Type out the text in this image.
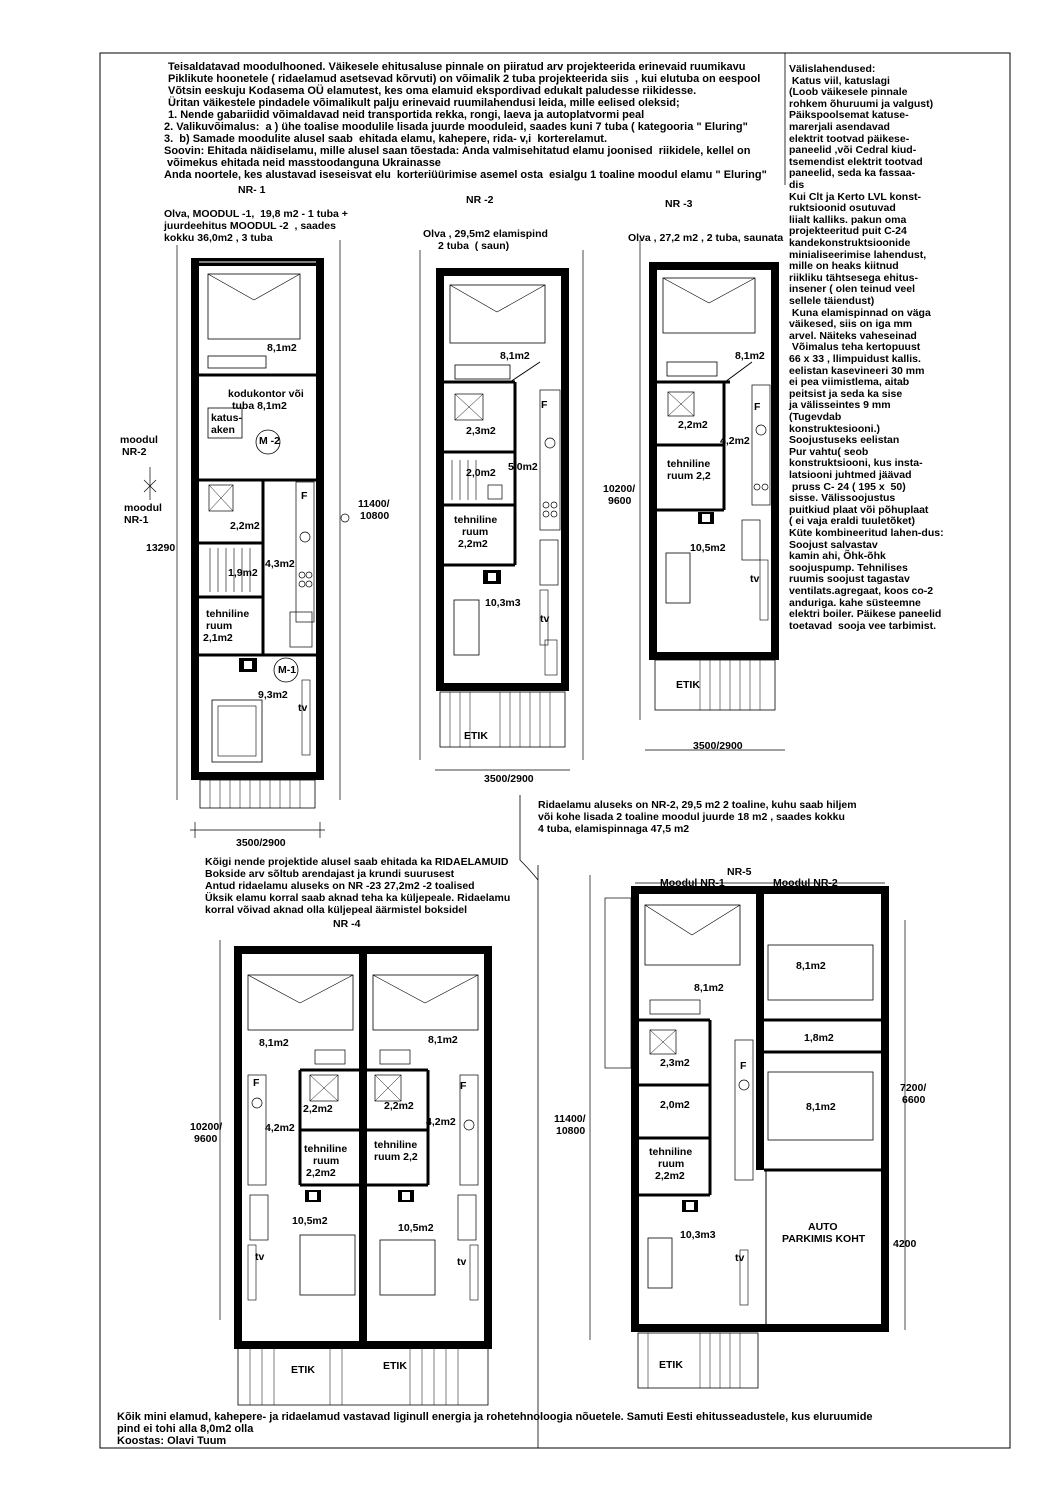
Teisaldatavad moodulhooned. Väikesele ehitusaluse pinnale on piiratud arv projekteerida erinevaid ruumikavu
Piklikute hoonetele ( ridaelamud asetsevad kõrvuti) on võimalik 2 tuba projekteerida siis  , kui elutuba on eespool
Võtsin eeskuju Kodasema OÜ elamutest, kes oma elamuid ekspordivad edukalt paludesse riikidesse.
Üritan väikestele pindadele võimalikult palju erinevaid ruumilahendusi leida, mille eelised oleksid;
1. Nende gabariidid võimaldavad neid transportida rekka, rongi, laeva ja autoplatvormi peal
2. Valikuvõimalus:  a ) ühe toalise moodulile lisada juurde mooduleid, saades kuni 7 tuba ( kategooria " Eluring"
3.  b) Samade moodulite alusel saab  ehitada elamu, kahepere, rida- v,i  korterelamut.
Soovin: Ehitada näidiselamu, mille alusel saan tõestada: Anda valmisehitatud elamu joonised  riikidele, kellel on
võimekus ehitada neid masstoodanguna Ukrainasse
Anda noortele, kes alustavad iseseisvat elu  korteriüürimise asemel osta  esialgu 1 toaline moodul elamu " Eluring"
Välislahendused:
Katus viil, katuslagi
(Loob väikesele pinnale
rohkem õhuruumi ja valgust)
Päikspoolsemat katuse-
marerjali asendavad
elektrit tootvad päikese-
paneelid ,või Cedral kiud-
tsemendist elektrit tootvad
paneelid, seda ka fassaa-
dis
Kui Clt ja Kerto LVL konst-
ruktsioonid osutuvad
liialt kalliks. pakun oma
projekteeritud puit C-24
kandekonstruktsioonide
minialiseerimise lahendust,
mille on heaks kiitnud
riikliku tähtsesega ehitus-
insener ( olen teinud veel
sellele täiendust)
Kuna elamispinnad on väga
väikesed, siis on iga mm
arvel. Näiteks vaheseinad
Võimalus teha kertopuust
66 x 33 , llimpuidust kallis.
eelistan kasevineeri 30 mm
ei pea viimistlema, aitab
peitsist ja seda ka sise
ja välisseintes 9 mm
(Tugevdab
konstruktesiooni.)
Soojustuseks eelistan
Pur vahtu( seob
konstruktsiooni, kus insta-
latsiooni juhtmed jäävad
pruss C- 24 ( 195 x  50)
sisse. Välissoojustus
puitkiud plaat või põhuplaat
( ei vaja eraldi tuuletõket)
Küte kombineeritud lahen-dus:
Soojust salvastav
kamin ahi, Õhk-õhk
soojuspump. Tehnilises
ruumis soojust tagastav
ventilats.agregaat, koos co-2
anduriga. kahe süsteemne
elektri boiler. Päikese paneelid
toetavad  sooja vee tarbimist.
NR- 1
Olva, MOODUL -1,  19,8 m2 - 1 tuba +
juurdeehitus MOODUL -2  , saades
kokku 36,0m2 , 3 tuba
8,1m2
kodukontor või
tuba 8,1m2
katus-
aken
M -2
F
2,2m2
4,3m2
1,9m2
tehniline
ruum
2,1m2
M-1
9,3m2
tv
moodul
NR-2
moodul
NR-1
13290
11400/
10800
3500/2900
NR -2
Olva , 29,5m2 elamispind
2 tuba  ( saun)
8,1m2
F
2,3m2
5,0m2
2,0m2
tehniline
ruum
2,2m2
10,3m3
tv
ETIK
3500/2900
NR -3
Olva , 27,2 m2 , 2 tuba, saunata
8,1m2
F
2,2m2
4,2m2
tehniline
ruum 2,2
10,5m2
tv
ETIK
10200/
9600
3500/2900
Kõigi nende projektide alusel saab ehitada ka RIDAELAMUID
Bokside arv sõltub arendajast ja krundi suurusest
Antud ridaelamu aluseks on NR -23 27,2m2 -2 toalised
Üksik elamu korral saab aknad teha ka küljepeale. Ridaelamu
korral võivad aknad olla küljepeal äärmistel boksidel
NR -4
10200/
9600
8,1m2
F
2,2m2
4,2m2
tehniline
ruum
2,2m2
10,5m2
tv
ETIK
8,1m2
F
2,2m2
4,2m2
tehniline
ruum 2,2
10,5m2
tv
ETIK
Ridaelamu aluseks on NR-2, 29,5 m2 2 toaline, kuhu saab hiljem
või kohe lisada 2 toaline moodul juurde 18 m2 , saades kokku
4 tuba, elamispinnaga 47,5 m2
NR-5
Moodul NR-1	Moodul NR-2
8,1m2
F
2,3m2
2,0m2
tehniline
ruum
2,2m2
10,3m3
tv
ETIK
8,1m2
1,8m2
8,1m2
AUTO
PARKIMIS KOHT
11400/
10800
7200/
6600
4200
Kõik mini elamud, kahepere- ja ridaelamud vastavad liginull energia ja rohetehnoloogia nõuetele. Samuti Eesti ehitusseadustele, kus eluruumide
pind ei tohi alla 8,0m2 olla
Koostas: Olavi Tuum
